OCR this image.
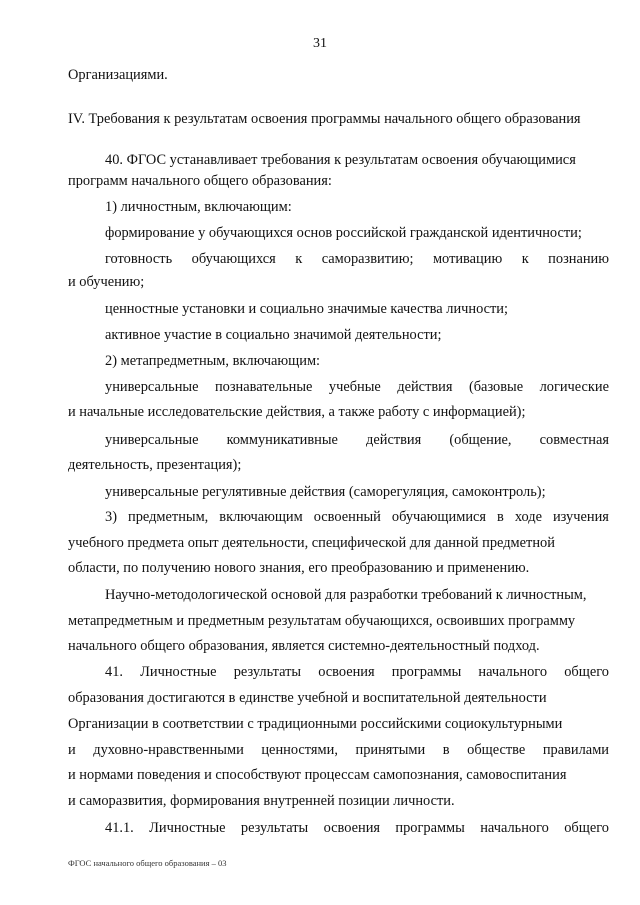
31
Организациями.
IV. Требования к результатам освоения программы начального общего образования
40. ФГОС устанавливает требования к результатам освоения обучающимися
программ начального общего образования:
1) личностным, включающим:
формирование у обучающихся основ российской гражданской идентичности;
готовность обучающихся к саморазвитию; мотивацию к познанию
и обучению;
ценностные установки и социально значимые качества личности;
активное участие в социально значимой деятельности;
2) метапредметным, включающим:
универсальные познавательные учебные действия (базовые логические
и начальные исследовательские действия, а также работу с информацией);
универсальные коммуникативные действия (общение, совместная
деятельность, презентация);
универсальные регулятивные действия (саморегуляция, самоконтроль);
3) предметным, включающим освоенный обучающимися в ходе изучения
учебного предмета опыт деятельности, специфической для данной предметной
области, по получению нового знания, его преобразованию и применению.
Научно-методологической основой для разработки требований к личностным,
метапредметным и предметным результатам обучающихся, освоивших программу
начального общего образования, является системно-деятельностный подход.
41. Личностные результаты освоения программы начального общего
образования достигаются в единстве учебной и воспитательной деятельности
Организации в соответствии с традиционными российскими социокультурными
и духовно-нравственными ценностями, принятыми в обществе правилами
и нормами поведения и способствуют процессам самопознания, самовоспитания
и саморазвития, формирования внутренней позиции личности.
41.1. Личностные результаты освоения программы начального общего
ФГОС начального общего образования – 03
